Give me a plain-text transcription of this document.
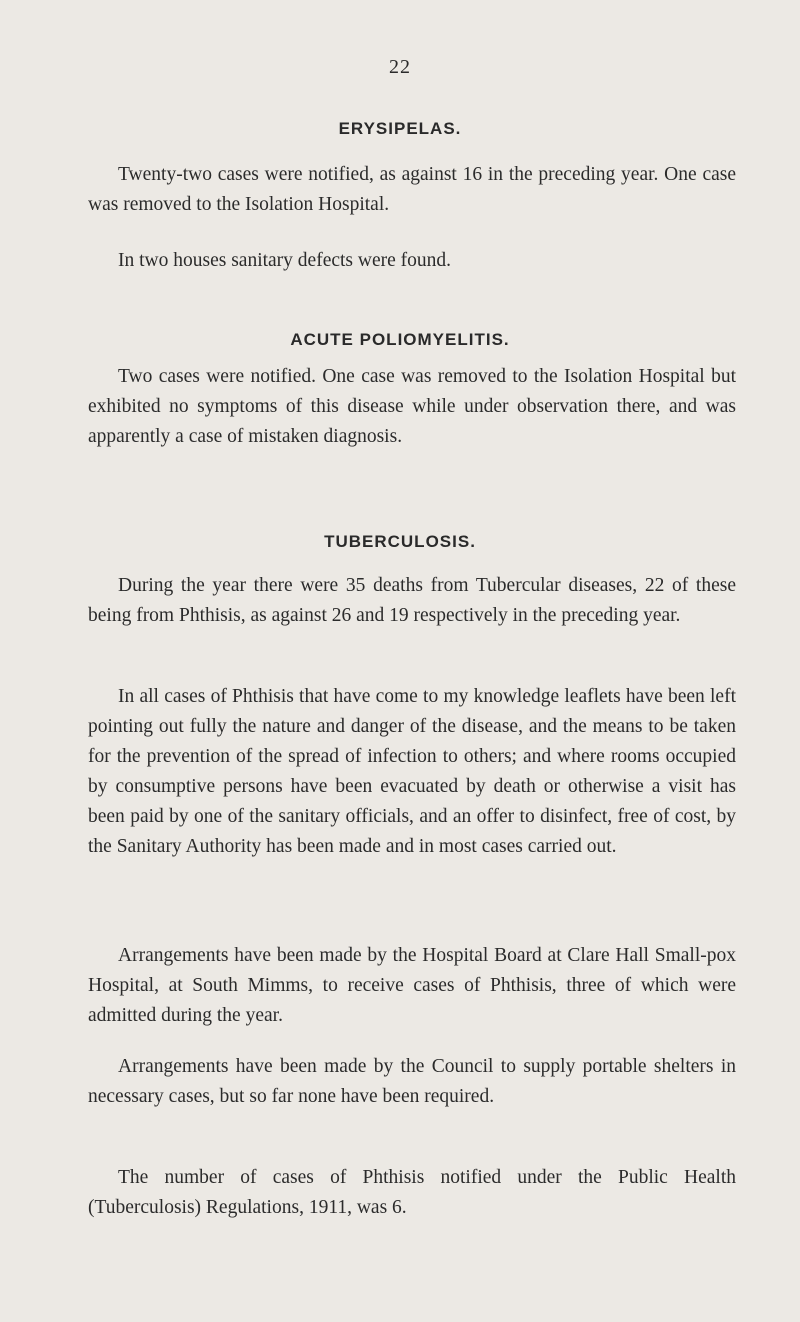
22
ERYSIPELAS.

Twenty-two cases were notified, as against 16 in the preceding year. One case was removed to the Isolation Hospital.

In two houses sanitary defects were found.

ACUTE POLIOMYELITIS.

Two cases were notified. One case was removed to the Isolation Hospital but exhibited no symptoms of this disease while under observation there, and was apparently a case of mistaken diagnosis.

TUBERCULOSIS.

During the year there were 35 deaths from Tubercular diseases, 22 of these being from Phthisis, as against 26 and 19 respectively in the preceding year.

In all cases of Phthisis that have come to my knowledge leaflets have been left pointing out fully the nature and danger of the disease, and the means to be taken for the prevention of the spread of infection to others; and where rooms occupied by consumptive persons have been evacuated by death or otherwise a visit has been paid by one of the sanitary officials, and an offer to disinfect, free of cost, by the Sanitary Authority has been made and in most cases carried out.

Arrangements have been made by the Hospital Board at Clare Hall Small-pox Hospital, at South Mimms, to receive cases of Phthisis, three of which were admitted during the year.

Arrangements have been made by the Council to supply portable shelters in necessary cases, but so far none have been required.

The number of cases of Phthisis notified under the Public Health (Tuberculosis) Regulations, 1911, was 6.
